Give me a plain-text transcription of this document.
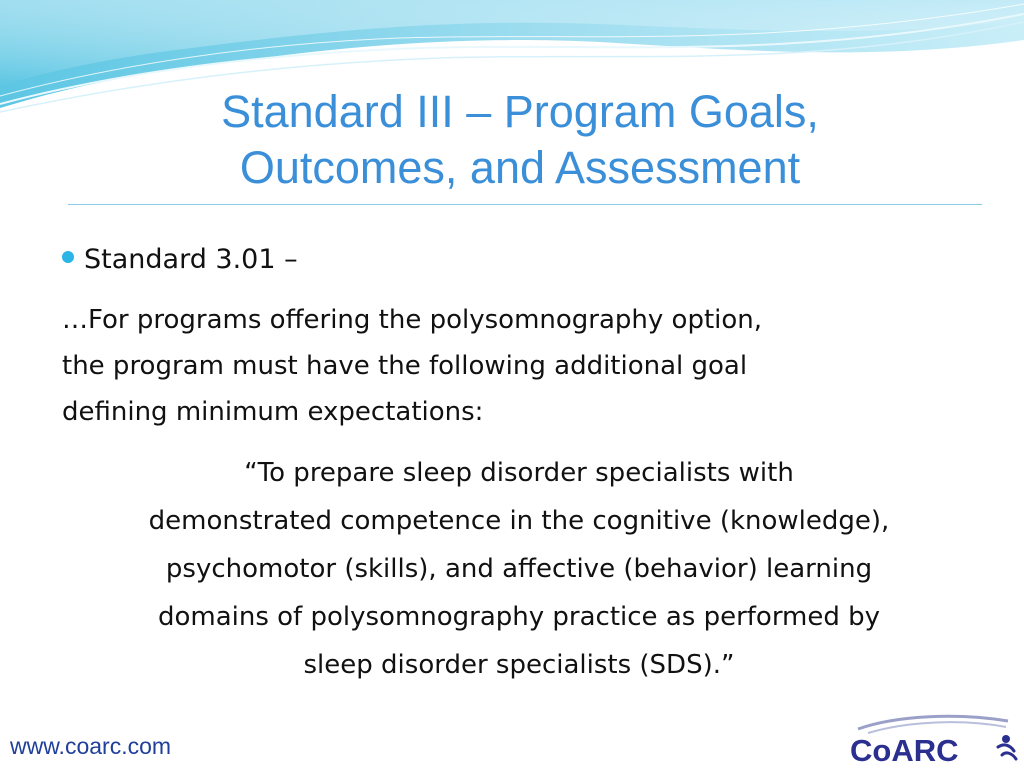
Standard III – Program Goals,
Outcomes, and Assessment
Standard 3.01 –
…For programs offering the polysomnography option,
the program must have the following additional goal
defining minimum expectations:
“To prepare sleep disorder specialists with
demonstrated competence in the cognitive (knowledge),
psychomotor (skills), and affective (behavior) learning
domains of polysomnography practice as performed by
sleep disorder specialists (SDS).”
www.coarc.com	CoARC
